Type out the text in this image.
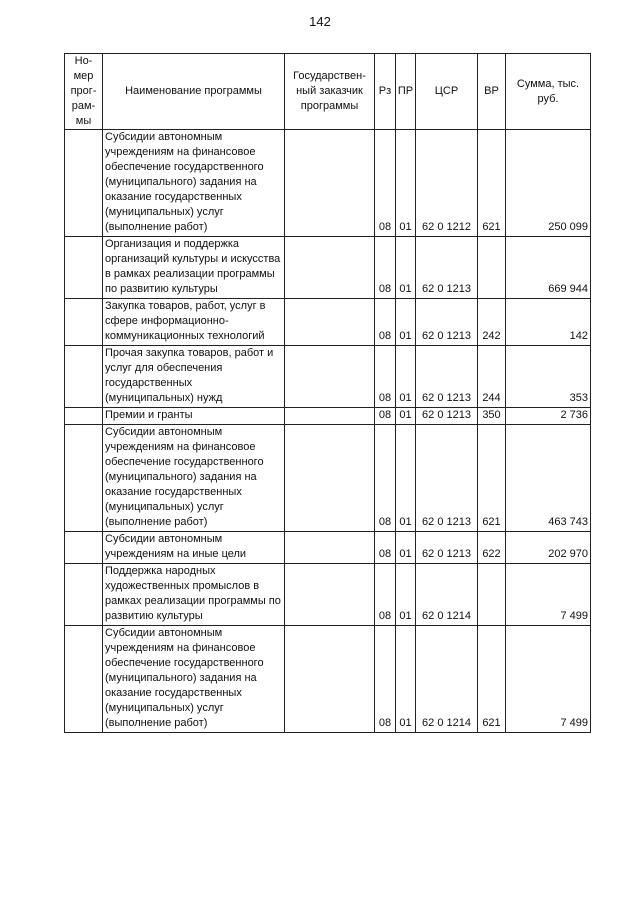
142
Но-мер прог-рам-мы	Наименование программы	Государствен-ный заказчик программы	Рз	ПР	ЦСР	ВР	Сумма, тыс. руб.
	Субсидии автономным учреждениям на финансовое обеспечение государственного (муниципального) задания на оказание государственных (муниципальных) услуг (выполнение работ)		08	01	62 0 1212	621	250 099
	Организация и поддержка организаций культуры и искусства в рамках реализации программы по развитию культуры		08	01	62 0 1213		669 944
	Закупка товаров, работ, услуг в сфере информационно-коммуникационных технологий		08	01	62 0 1213	242	142
	Прочая закупка товаров, работ и услуг для обеспечения государственных (муниципальных) нужд		08	01	62 0 1213	244	353
	Премии и гранты		08	01	62 0 1213	350	2 736
	Субсидии автономным учреждениям на финансовое обеспечение государственного (муниципального) задания на оказание государственных (муниципальных) услуг (выполнение работ)		08	01	62 0 1213	621	463 743
	Субсидии автономным учреждениям на иные цели		08	01	62 0 1213	622	202 970
	Поддержка народных художественных промыслов в рамках реализации программы по развитию культуры		08	01	62 0 1214		7 499
	Субсидии автономным учреждениям на финансовое обеспечение государственного (муниципального) задания на оказание государственных (муниципальных) услуг (выполнение работ)		08	01	62 0 1214	621	7 499
